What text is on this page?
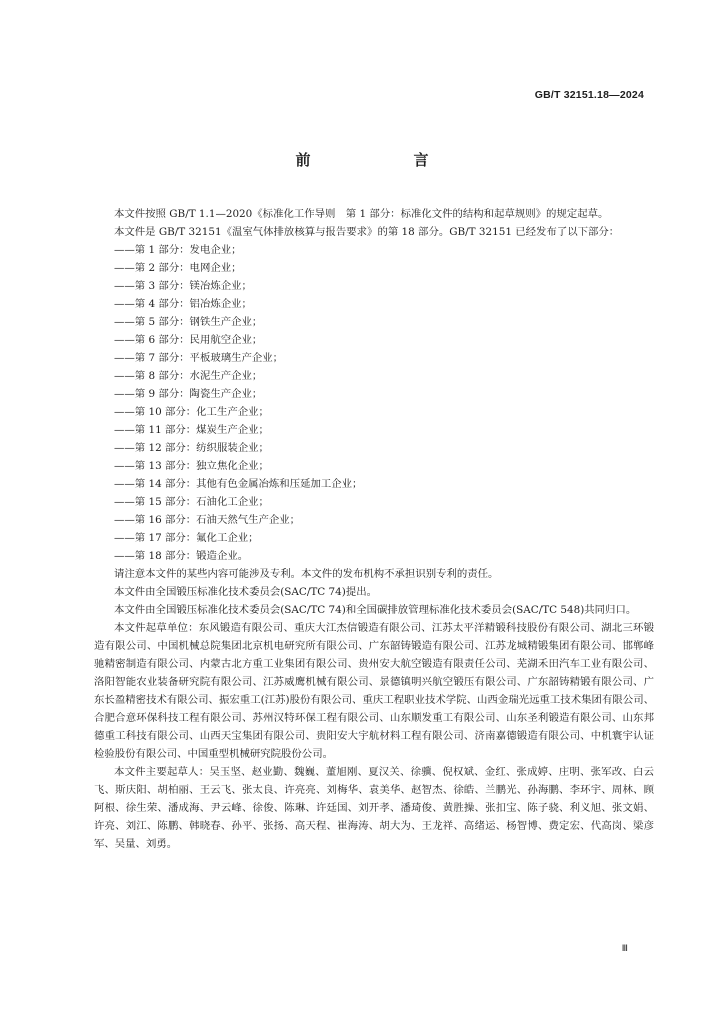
GB/T 32151.18—2024
前　言

本文件按照 GB/T 1.1—2020《标准化工作导则　第 1 部分：标准化文件的结构和起草规则》的规定起草。

本文件是 GB/T 32151《温室气体排放核算与报告要求》的第 18 部分。GB/T 32151 已经发布了以下部分：

——第 1 部分：发电企业；
——第 2 部分：电网企业；
——第 3 部分：镁冶炼企业；
——第 4 部分：铝冶炼企业；
——第 5 部分：钢铁生产企业；
——第 6 部分：民用航空企业；
——第 7 部分：平板玻璃生产企业；
——第 8 部分：水泥生产企业；
——第 9 部分：陶瓷生产企业；
——第 10 部分：化工生产企业；
——第 11 部分：煤炭生产企业；
——第 12 部分：纺织服装企业；
——第 13 部分：独立焦化企业；
——第 14 部分：其他有色金属冶炼和压延加工企业；
——第 15 部分：石油化工企业；
——第 16 部分：石油天然气生产企业；
——第 17 部分：氟化工企业；
——第 18 部分：锻造企业。

请注意本文件的某些内容可能涉及专利。本文件的发布机构不承担识别专利的责任。

本文件由全国锻压标准化技术委员会(SAC/TC 74)提出。

本文件由全国锻压标准化技术委员会(SAC/TC 74)和全国碳排放管理标准化技术委员会(SAC/TC 548)共同归口。

本文件起草单位：东风锻造有限公司、重庆大江杰信锻造有限公司、江苏太平洋精锻科技股份有限公司、湖北三环锻造有限公司、中国机械总院集团北京机电研究所有限公司、广东韶铸锻造有限公司、江苏龙城精锻集团有限公司、邯郸峰驰精密制造有限公司、内蒙古北方重工业集团有限公司、贵州安大航空锻造有限责任公司、芜湖禾田汽车工业有限公司、洛阳智能农业装备研究院有限公司、江苏威鹰机械有限公司、景德镇明兴航空锻压有限公司、广东韶铸精锻有限公司、广东长盈精密技术有限公司、振宏重工(江苏)股份有限公司、重庆工程职业技术学院、山西金瑞光远重工技术集团有限公司、合肥合意环保科技工程有限公司、苏州汉特环保工程有限公司、山东顺发重工有限公司、山东圣利锻造有限公司、山东邦德重工科技有限公司、山西天宝集团有限公司、贵阳安大宇航材料工程有限公司、济南嘉德锻造有限公司、中机寰宇认证检验股份有限公司、中国重型机械研究院股份公司。

本文件主要起草人：吴玉坚、赵业勤、魏巍、董旭刚、夏汉关、徐骥、倪权斌、金红、张成婷、庄明、张军改、白云飞、斯庆阳、胡柏丽、王云飞、张太良、许亮亮、刘梅华、袁美华、赵智杰、徐皓、兰鹏光、孙海鹏、李环宇、周林、顾阿根、徐生荣、潘成海、尹云峰、徐俊、陈琳、许廷国、刘开孝、潘琦俊、黄胜操、张扣宝、陈子骁、利义旭、张文娟、许亮、刘江、陈鹏、韩晓春、孙平、张扬、高天程、崔海涛、胡大为、王龙祥、高绪运、杨智博、费定宏、代高岗、梁彦军、吴量、刘勇。

Ⅲ
